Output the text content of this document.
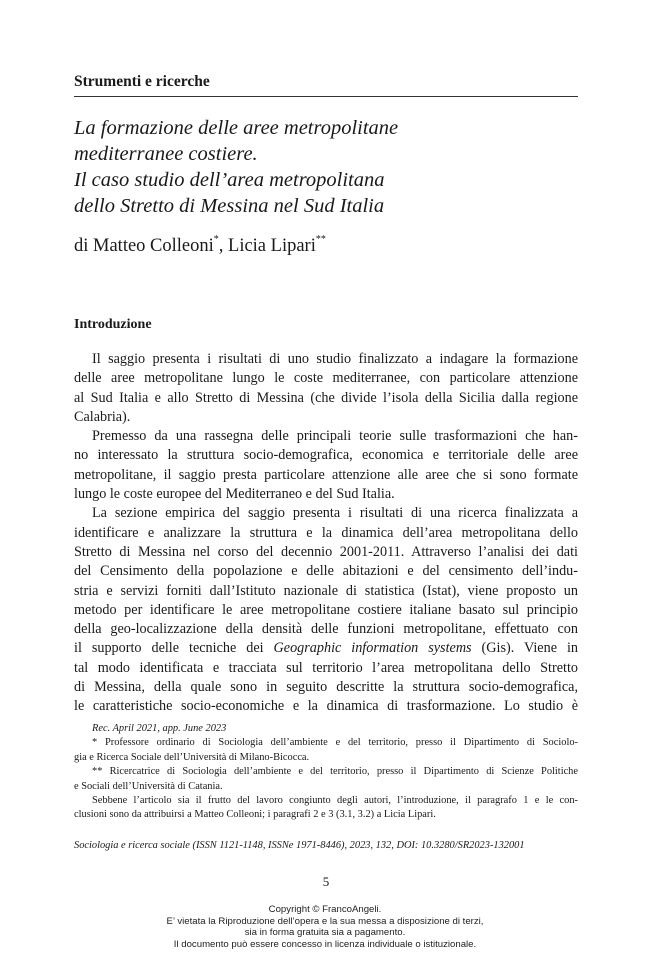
Strumenti e ricerche
La formazione delle aree metropolitane
mediterranee costiere.
Il caso studio dell’area metropolitana
dello Stretto di Messina nel Sud Italia
di Matteo Colleoni*, Licia Lipari**
Introduzione
Il saggio presenta i risultati di uno studio finalizzato a indagare la formazione
delle aree metropolitane lungo le coste mediterranee, con particolare attenzione
al Sud Italia e allo Stretto di Messina (che divide l’isola della Sicilia dalla regione
Calabria).
Premesso da una rassegna delle principali teorie sulle trasformazioni che han-
no interessato la struttura socio-demografica, economica e territoriale delle aree
metropolitane, il saggio presta particolare attenzione alle aree che si sono formate
lungo le coste europee del Mediterraneo e del Sud Italia.
La sezione empirica del saggio presenta i risultati di una ricerca finalizzata a
identificare e analizzare la struttura e la dinamica dell’area metropolitana dello
Stretto di Messina nel corso del decennio 2001-2011. Attraverso l’analisi dei dati
del Censimento della popolazione e delle abitazioni e del censimento dell’indu-
stria e servizi forniti dall’Istituto nazionale di statistica (Istat), viene proposto un
metodo per identificare le aree metropolitane costiere italiane basato sul principio
della geo-localizzazione della densità delle funzioni metropolitane, effettuato con
il supporto delle tecniche dei Geographic information systems (Gis). Viene in
tal modo identificata e tracciata sul territorio l’area metropolitana dello Stretto
di Messina, della quale sono in seguito descritte la struttura socio-demografica,
le caratteristiche socio-economiche e la dinamica di trasformazione. Lo studio è
Rec. April 2021, app. June 2023
* Professore ordinario di Sociologia dell’ambiente e del territorio, presso il Dipartimento di Sociolo-
gia e Ricerca Sociale dell’Università di Milano-Bicocca.
** Ricercatrice di Sociologia dell’ambiente e del territorio, presso il Dipartimento di Scienze Politiche
e Sociali dell’Università di Catania.
Sebbene l’articolo sia il frutto del lavoro congiunto degli autori, l’introduzione, il paragrafo 1 e le con-
clusioni sono da attribuirsi a Matteo Colleoni; i paragrafi 2 e 3 (3.1, 3.2) a Licia Lipari.
Sociologia e ricerca sociale (ISSN 1121-1148, ISSNe 1971-8446), 2023, 132, DOI: 10.3280/SR2023-132001
5
Copyright © FrancoAngeli.
E’ vietata la Riproduzione dell’opera e la sua messa a disposizione di terzi,
sia in forma gratuita sia a pagamento.
Il documento può essere concesso in licenza individuale o istituzionale.
